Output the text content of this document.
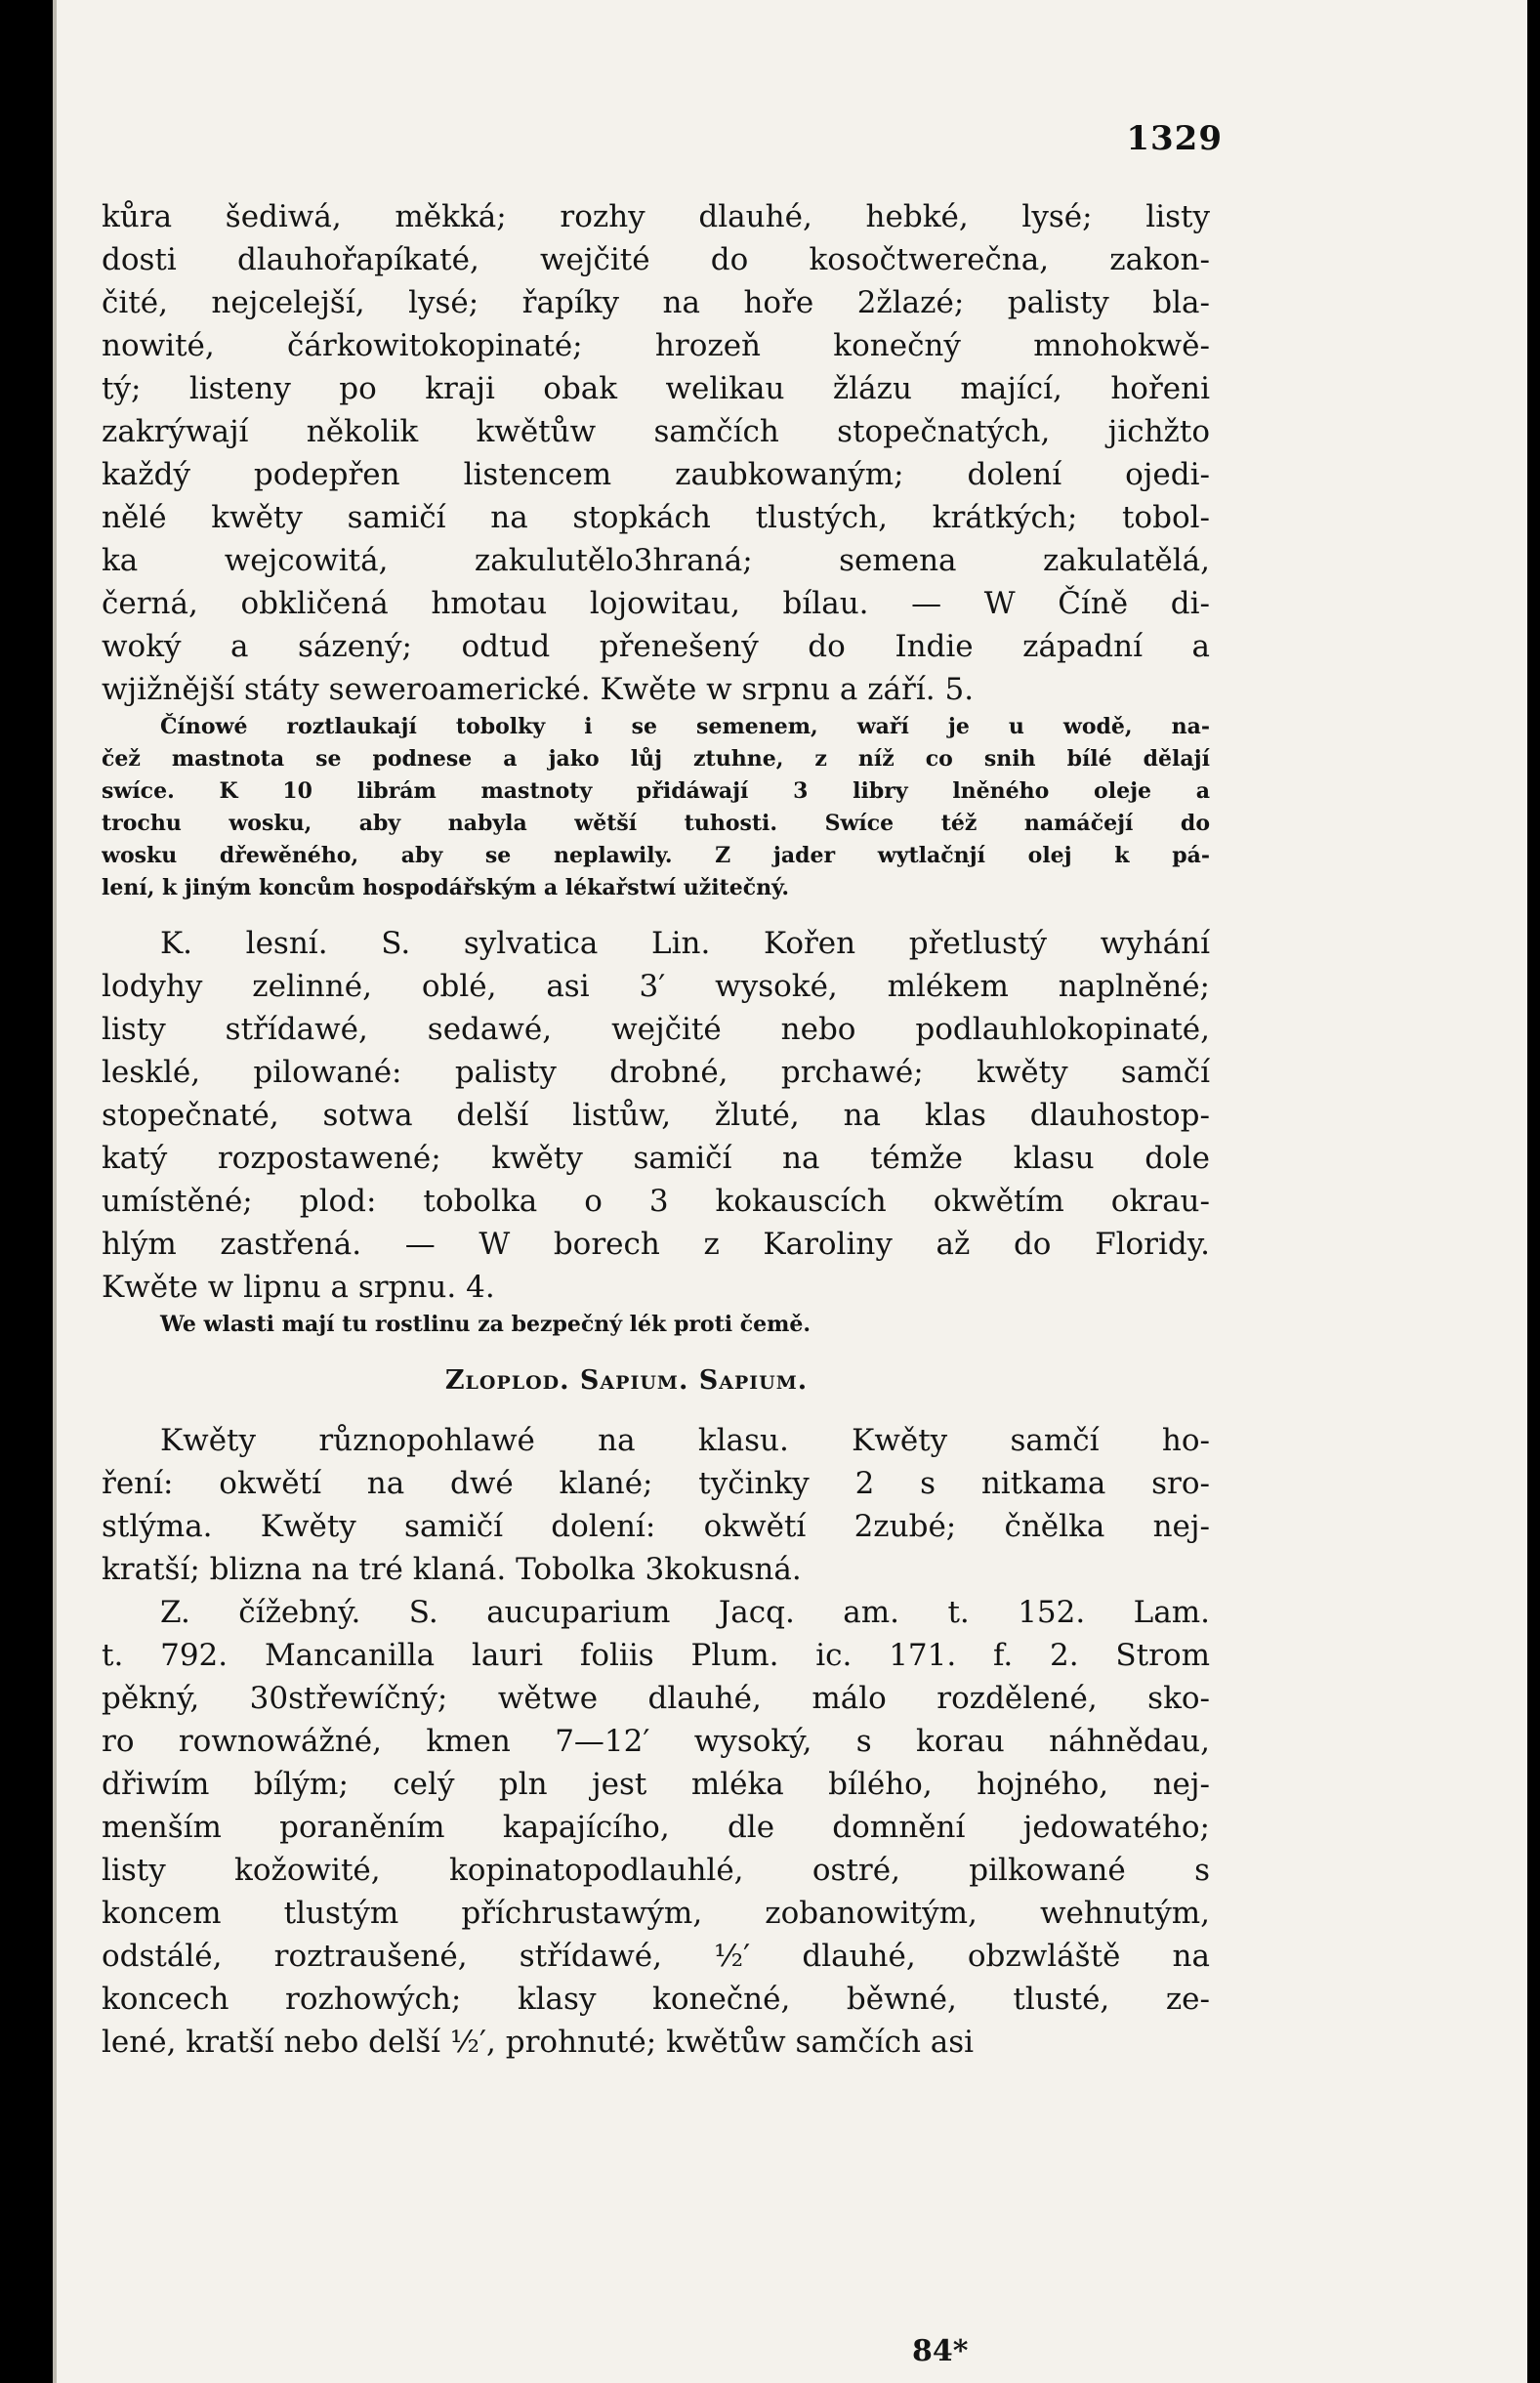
1329
kůra šediwá, měkká; rozhy dlauhé, hebké, lysé; listy
dosti dlauhořapíkaté, wejčité do kosočtwerečna, zakon-
čité, nejcelejší, lysé; řapíky na hoře 2žlazé; palisty bla-
nowité, čárkowitokopinaté; hrozeň konečný mnohokwě-
tý; listeny po kraji obak welikau žlázu mající, hořeni
zakrýwají několik kwětůw samčích stopečnatých, jichžto
každý podepřen listencem zaubkowaným; dolení ojedi-
nělé kwěty samičí na stopkách tlustých, krátkých; tobol-
ka wejcowitá, zakulutělo3hraná; semena zakulatělá,
černá, obkličená hmotau lojowitau, bílau. — W Číně di-
woký a sázený; odtud přenešený do Indie západní a
wjižnější státy seweroamerické. Kwěte w srpnu a září. 5.
Čínowé roztlaukají tobolky i se semenem, waří je u wodě, na-
čež mastnota se podnese a jako lůj ztuhne, z níž co snih bílé dělají
swíce. K 10 librám mastnoty přidáwají 3 libry lněného oleje a
trochu wosku, aby nabyla wětší tuhosti. Swíce též namáčejí do
wosku dřewěného, aby se neplawily. Z jader wytlačnjí olej k pá-
lení, k jiným koncům hospodářským a lékařstwí užitečný.
K. lesní. S. sylvatica Lin. Kořen přetlustý wyhání
lodyhy zelinné, oblé, asi 3′ wysoké, mlékem naplněné;
listy střídawé, sedawé, wejčité nebo podlauhlokopinaté,
lesklé, pilowané: palisty drobné, prchawé; kwěty samčí
stopečnaté, sotwa delší listůw, žluté, na klas dlauhostop-
katý rozpostawené; kwěty samičí na témže klasu dole
umístěné; plod: tobolka o 3 kokauscích okwětím okrau-
hlým zastřená. — W borech z Karoliny až do Floridy.
Kwěte w lipnu a srpnu. 4.
We wlasti mají tu rostlinu za bezpečný lék proti čemě.
Zloplod. Sapium. Sapium.
Kwěty různopohlawé na klasu. Kwěty samčí ho-
ření: okwětí na dwé klané; tyčinky 2 s nitkama sro-
stlýma. Kwěty samičí dolení: okwětí 2zubé; čnělka nej-
kratší; blizna na tré klaná. Tobolka 3kokusná.
Z. čížebný. S. aucuparium Jacq. am. t. 152. Lam.
t. 792. Mancanilla lauri foliis Plum. ic. 171. f. 2. Strom
pěkný, 30střewíčný; wětwe dlauhé, málo rozdělené, sko-
ro rownowážné, kmen 7—12′ wysoký, s korau náhnědau,
dřiwím bílým; celý pln jest mléka bílého, hojného, nej-
menším poraněním kapajícího, dle domnění jedowatého;
listy kožowité, kopinatopodlauhlé, ostré, pilkowané s
koncem tlustým příchrustawým, zobanowitým, wehnutým,
odstálé, roztraušené, střídawé, ½′ dlauhé, obzwláště na
koncech rozhowých; klasy konečné, běwné, tlusté, ze-
lené, kratší nebo delší ½′, prohnuté; kwětůw samčích asi
84*
